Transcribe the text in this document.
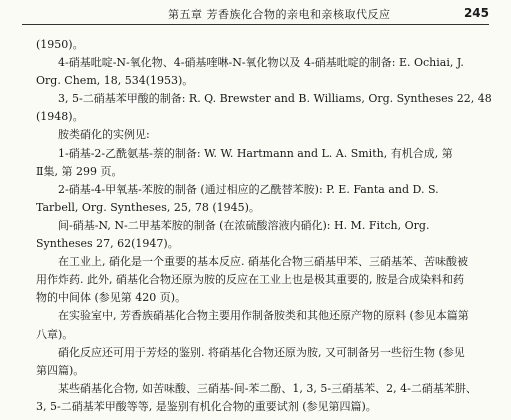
第五章 芳香族化合物的亲电和亲核取代反应	245
(1950)。
4-硝基吡啶-N-氧化物、4-硝基喹啉-N-氧化物以及 4-硝基吡啶的制备: E. Ochiai, J.
Org. Chem, 18, 534(1953)。
3, 5-二硝基苯甲酸的制备: R. Q. Brewster and B. Williams, Org. Syntheses 22, 48
(1948)。
胺类硝化的实例见:
1-硝基-2-乙酰氨基-萘的制备: W. W. Hartmann and L. A. Smith, 有机合成, 第
Ⅱ集, 第 299 页。
2-硝基-4-甲氧基-苯胺的制备 (通过相应的乙酰替苯胺): P. E. Fanta and D. S.
Tarbell, Org. Syntheses, 25, 78 (1945)。
间-硝基-N, N-二甲基苯胺的制备 (在浓硫酸溶液内硝化): H. M. Fitch, Org.
Syntheses 27, 62(1947)。
在工业上, 硝化是一个重要的基本反应. 硝基化合物三硝基甲苯、三硝基苯、苦味酸被
用作炸药. 此外, 硝基化合物还原为胺的反应在工业上也是极其重要的, 胺是合成染料和药
物的中间体 (参见第 420 页)。
在实验室中, 芳香族硝基化合物主要用作制备胺类和其他还原产物的原料 (参见本篇第
八章)。
硝化反应还可用于芳烃的鉴别. 将硝基化合物还原为胺, 又可制备另一些衍生物 (参见
第四篇)。
某些硝基化合物, 如苦味酸、三硝基-间-苯二酚、1, 3, 5-三硝基苯、2, 4-二硝基苯肼、
3, 5-二硝基苯甲酸等等, 是鉴别有机化合物的重要试剂 (参见第四篇)。
